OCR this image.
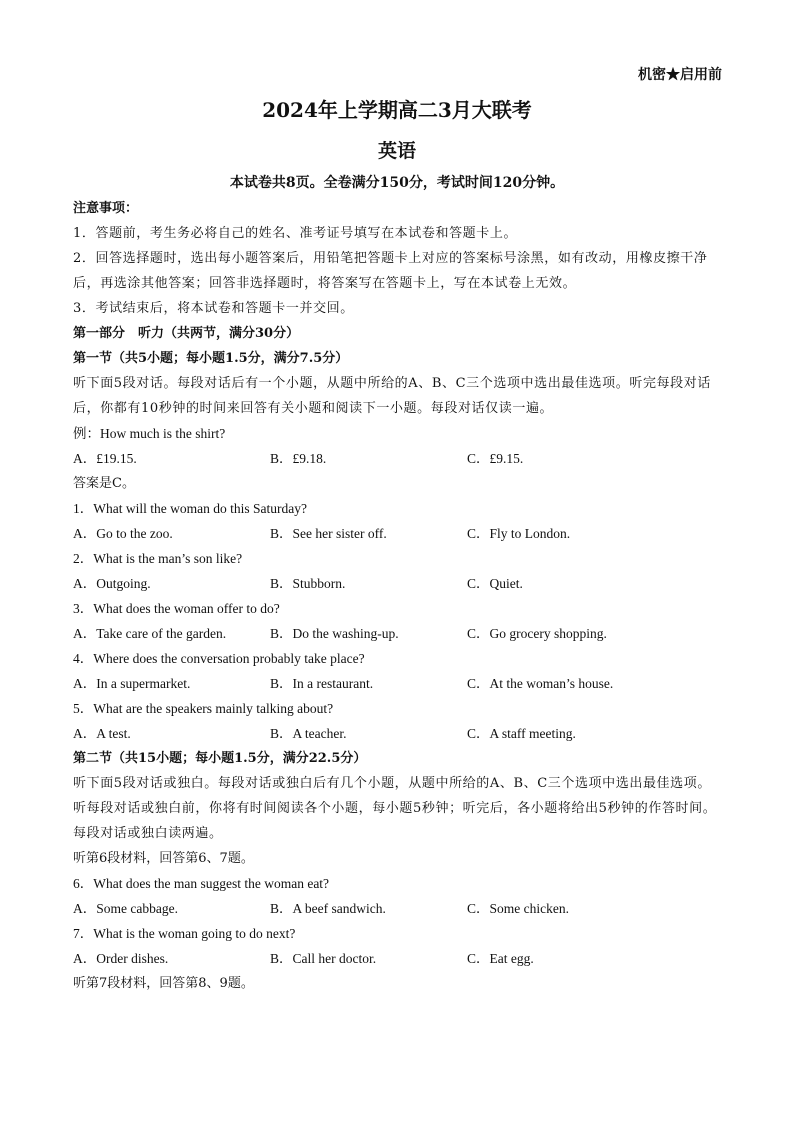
机密★启用前
2024年上学期高二3月大联考
英语
本试卷共8页。全卷满分150分，考试时间120分钟。
注意事项：
1．答题前，考生务必将自己的姓名、准考证号填写在本试卷和答题卡上。
2．回答选择题时，选出每小题答案后，用铅笔把答题卡上对应的答案标号涂黑，如有改动，用橡皮擦干净后，再选涂其他答案；回答非选择题时，将答案写在答题卡上，写在本试卷上无效。
3．考试结束后，将本试卷和答题卡一并交回。
第一部分　听力（共两节，满分30分）
第一节（共5小题；每小题1.5分，满分7.5分）
听下面5段对话。每段对话后有一个小题，从题中所给的A、B、C三个选项中选出最佳选项。听完每段对话后，你都有10秒钟的时间来回答有关小题和阅读下一小题。每段对话仅读一遍。
例：How much is the shirt?
A．£19.15.	B．£9.18.	C．£9.15.
答案是C。
1．What will the woman do this Saturday?
A．Go to the zoo.	B．See her sister off.	C．Fly to London.
2．What is the man’s son like?
A．Outgoing.	B．Stubborn.	C．Quiet.
3．What does the woman offer to do?
A．Take care of the garden.	B．Do the washing-up.	C．Go grocery shopping.
4．Where does the conversation probably take place?
A．In a supermarket.	B．In a restaurant.	C．At the woman’s house.
5．What are the speakers mainly talking about?
A．A test.	B．A teacher.	C．A staff meeting.
第二节（共15小题；每小题1.5分，满分22.5分）
听下面5段对话或独白。每段对话或独白后有几个小题，从题中所给的A、B、C三个选项中选出最佳选项。听每段对话或独白前，你将有时间阅读各个小题，每小题5秒钟；听完后，各小题将给出5秒钟的作答时间。每段对话或独白读两遍。
听第6段材料，回答第6、7题。
6．What does the man suggest the woman eat?
A．Some cabbage.	B．A beef sandwich.	C．Some chicken.
7．What is the woman going to do next?
A．Order dishes.	B．Call her doctor.	C．Eat egg.
听第7段材料，回答第8、9题。
